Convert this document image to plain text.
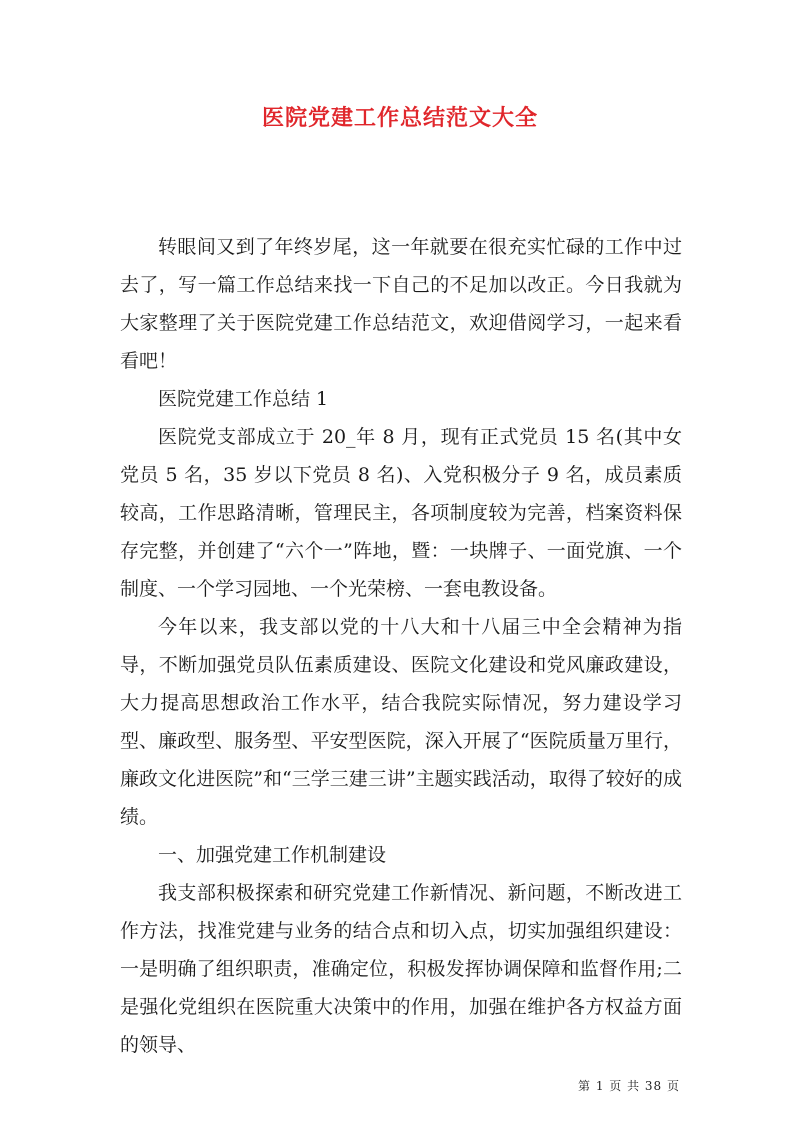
医院党建工作总结范文大全

转眼间又到了年终岁尾，这一年就要在很充实忙碌的工作中过去了，写一篇工作总结来找一下自己的不足加以改正。今日我就为大家整理了关于医院党建工作总结范文，欢迎借阅学习，一起来看看吧！

医院党建工作总结 1

医院党支部成立于 20_年 8 月，现有正式党员 15 名(其中女党员 5 名，35 岁以下党员 8 名)、入党积极分子 9 名，成员素质较高，工作思路清晰，管理民主，各项制度较为完善，档案资料保存完整，并创建了“六个一”阵地，暨：一块牌子、一面党旗、一个制度、一个学习园地、一个光荣榜、一套电教设备。

今年以来，我支部以党的十八大和十八届三中全会精神为指导，不断加强党员队伍素质建设、医院文化建设和党风廉政建设，大力提高思想政治工作水平，结合我院实际情况，努力建设学习型、廉政型、服务型、平安型医院，深入开展了“医院质量万里行，廉政文化进医院”和“三学三建三讲”主题实践活动，取得了较好的成绩。

一、加强党建工作机制建设

我支部积极探索和研究党建工作新情况、新问题，不断改进工作方法，找准党建与业务的结合点和切入点，切实加强组织建设：一是明确了组织职责，准确定位，积极发挥协调保障和监督作用;二是强化党组织在医院重大决策中的作用，加强在维护各方权益方面的领导、

第 1 页 共 38 页
